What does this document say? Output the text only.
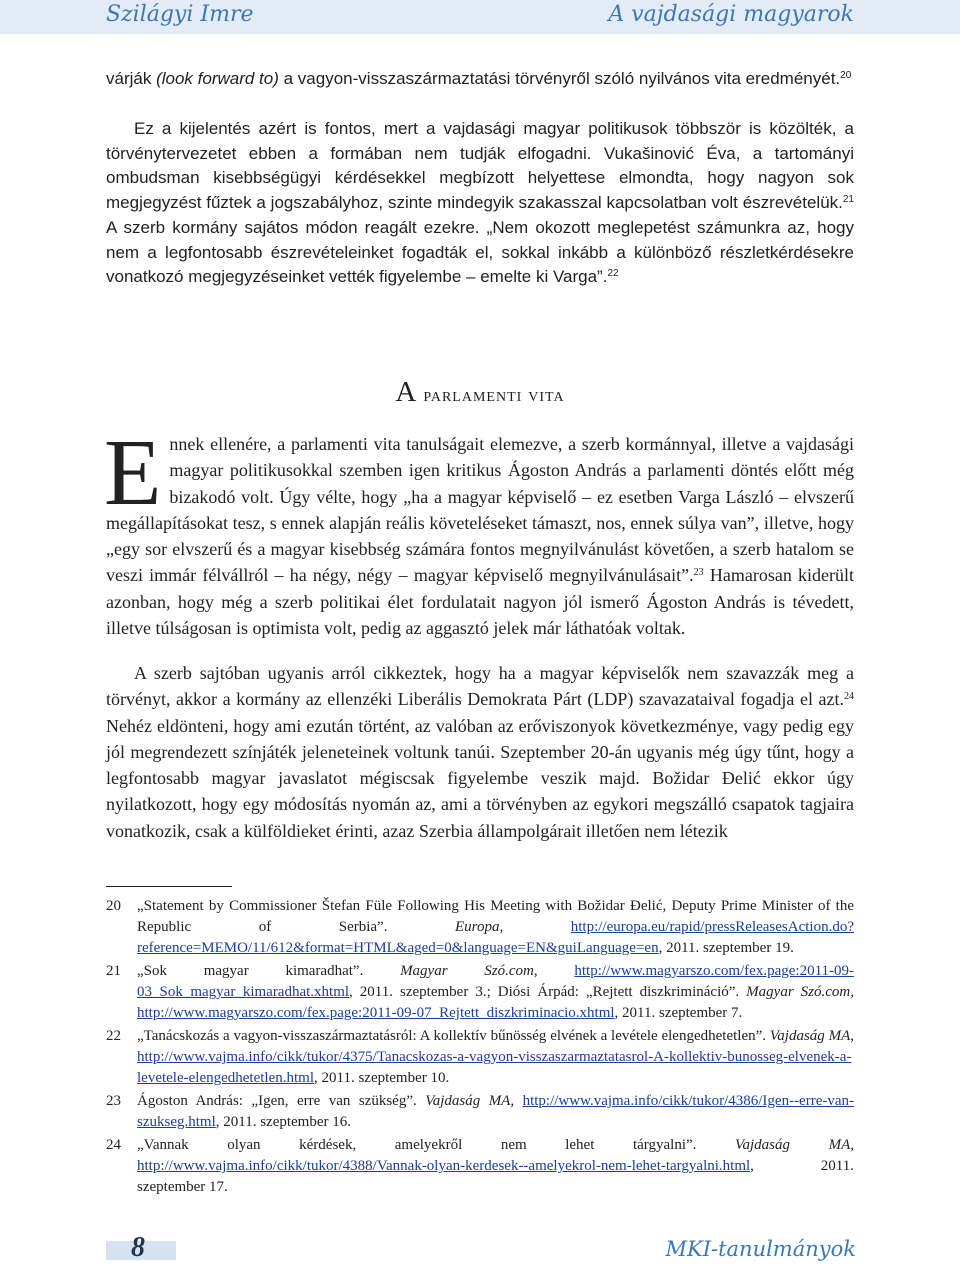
Szilágyi Imre	A vajdasági magyarok

várják (look forward to) a vagyon-visszaszármaztatási törvényről szóló nyilvános vita eredményét.$^{20}$

Ez a kijelentés azért is fontos, mert a vajdasági magyar politikusok többször is közölték, a törvénytervezetet ebben a formában nem tudják elfogadni. Vukašinović Éva, a tartományi ombudsman kisebbségügyi kérdésekkel megbízott helyettese elmondta, hogy nagyon sok megjegyzést fűztek a jogszabályhoz, szinte mindegyik szakasszal kapcsolatban volt észrevételük.$^{21}$ A szerb kormány sajátos módon reagált ezekre. „Nem okozott meglepetést számunkra az, hogy nem a legfontosabb észrevételeinket fogadták el, sokkal inkább a különböző részletkérdésekre vonatkozó megjegyzéseinket vették figyelembe – emelte ki Varga”.$^{22}$

A parlamenti vita

Ennek ellenére, a parlamenti vita tanulságait elemezve, a szerb kormánnyal, illetve a vajdasági magyar politikusokkal szemben igen kritikus Ágoston András a parlamenti döntés előtt még bizakodó volt. Úgy vélte, hogy „ha a magyar képviselő – ez esetben Varga László – elvszerű megállapításokat tesz, s ennek alapján reális követeléseket támaszt, nos, ennek súlya van”, illetve, hogy „egy sor elvszerű és a magyar kisebbség számára fontos megnyilvánulást követően, a szerb hatalom se veszi immár félvállról – ha négy, négy – magyar képviselő megnyilvánulásait”.$^{23}$ Hamarosan kiderült azonban, hogy még a szerb politikai élet fordulatait nagyon jól ismerő Ágoston András is tévedett, illetve túlságosan is optimista volt, pedig az aggasztó jelek már láthatóak voltak.

A szerb sajtóban ugyanis arról cikkeztek, hogy ha a magyar képviselők nem szavazzák meg a törvényt, akkor a kormány az ellenzéki Liberális Demokrata Párt (LDP) szavazataival fogadja el azt.$^{24}$ Nehéz eldönteni, hogy ami ezután történt, az valóban az erőviszonyok következménye, vagy pedig egy jól megrendezett színjáték jeleneteinek voltunk tanúi. Szeptember 20-án ugyanis még úgy tűnt, hogy a legfontosabb magyar javaslatot mégiscsak figyelembe veszik majd. Božidar Đelić ekkor úgy nyilatkozott, hogy egy módosítás nyomán az, ami a törvényben az egykori megszálló csapatok tagjaira vonatkozik, csak a külföldieket érinti, azaz Szerbia állampolgárait illetően nem létezik

20 „Statement by Commissioner Štefan Füle Following His Meeting with Božidar Đelić, Deputy Prime Minister of the Republic of Serbia”. Europa,	http://europa.eu/rapid/pressReleasesAction.do?reference=MEMO/11/612&format=HTML&aged=0&language=EN&guiLanguage=en, 2011. szeptember 19.
21 „Sok magyar kimaradhat”. Magyar Szó.com, http://www.magyarszo.com/fex.page:2011-09-03_Sok_magyar_kimaradhat.xhtml, 2011. szeptember 3.; Diósi Árpád: „Rejtett diszkrimináció”. Magyar Szó.com, http://www.magyarszo.com/fex.page:2011-09-07_Rejtett_diszkriminacio.xhtml, 2011. szeptember 7.
22 „Tanácskozás a vagyon-visszaszármaztatásról: A kollektív bűnösség elvének a levétele elengedhetetlen”. Vajdaság MA, http://www.vajma.info/cikk/tukor/4375/Tanacskozas-a-vagyon-visszaszarmaztatasrol-A-kollektiv-bunosseg-elvenek-a-levetele-elengedhetetlen.html, 2011. szeptember 10.
23 Ágoston András: „Igen, erre van szükség”. Vajdaság MA, http://www.vajma.info/cikk/tukor/4386/Igen--erre-van-szukseg.html, 2011. szeptember 16.
24 „Vannak olyan kérdések, amelyekről nem lehet tárgyalni”. Vajdaság MA, http://www.vajma.info/cikk/tukor/4388/Vannak-olyan-kerdesek--amelyekrol-nem-lehet-targyalni.html, 2011. szeptember 17.
8	MKI-tanulmányok
